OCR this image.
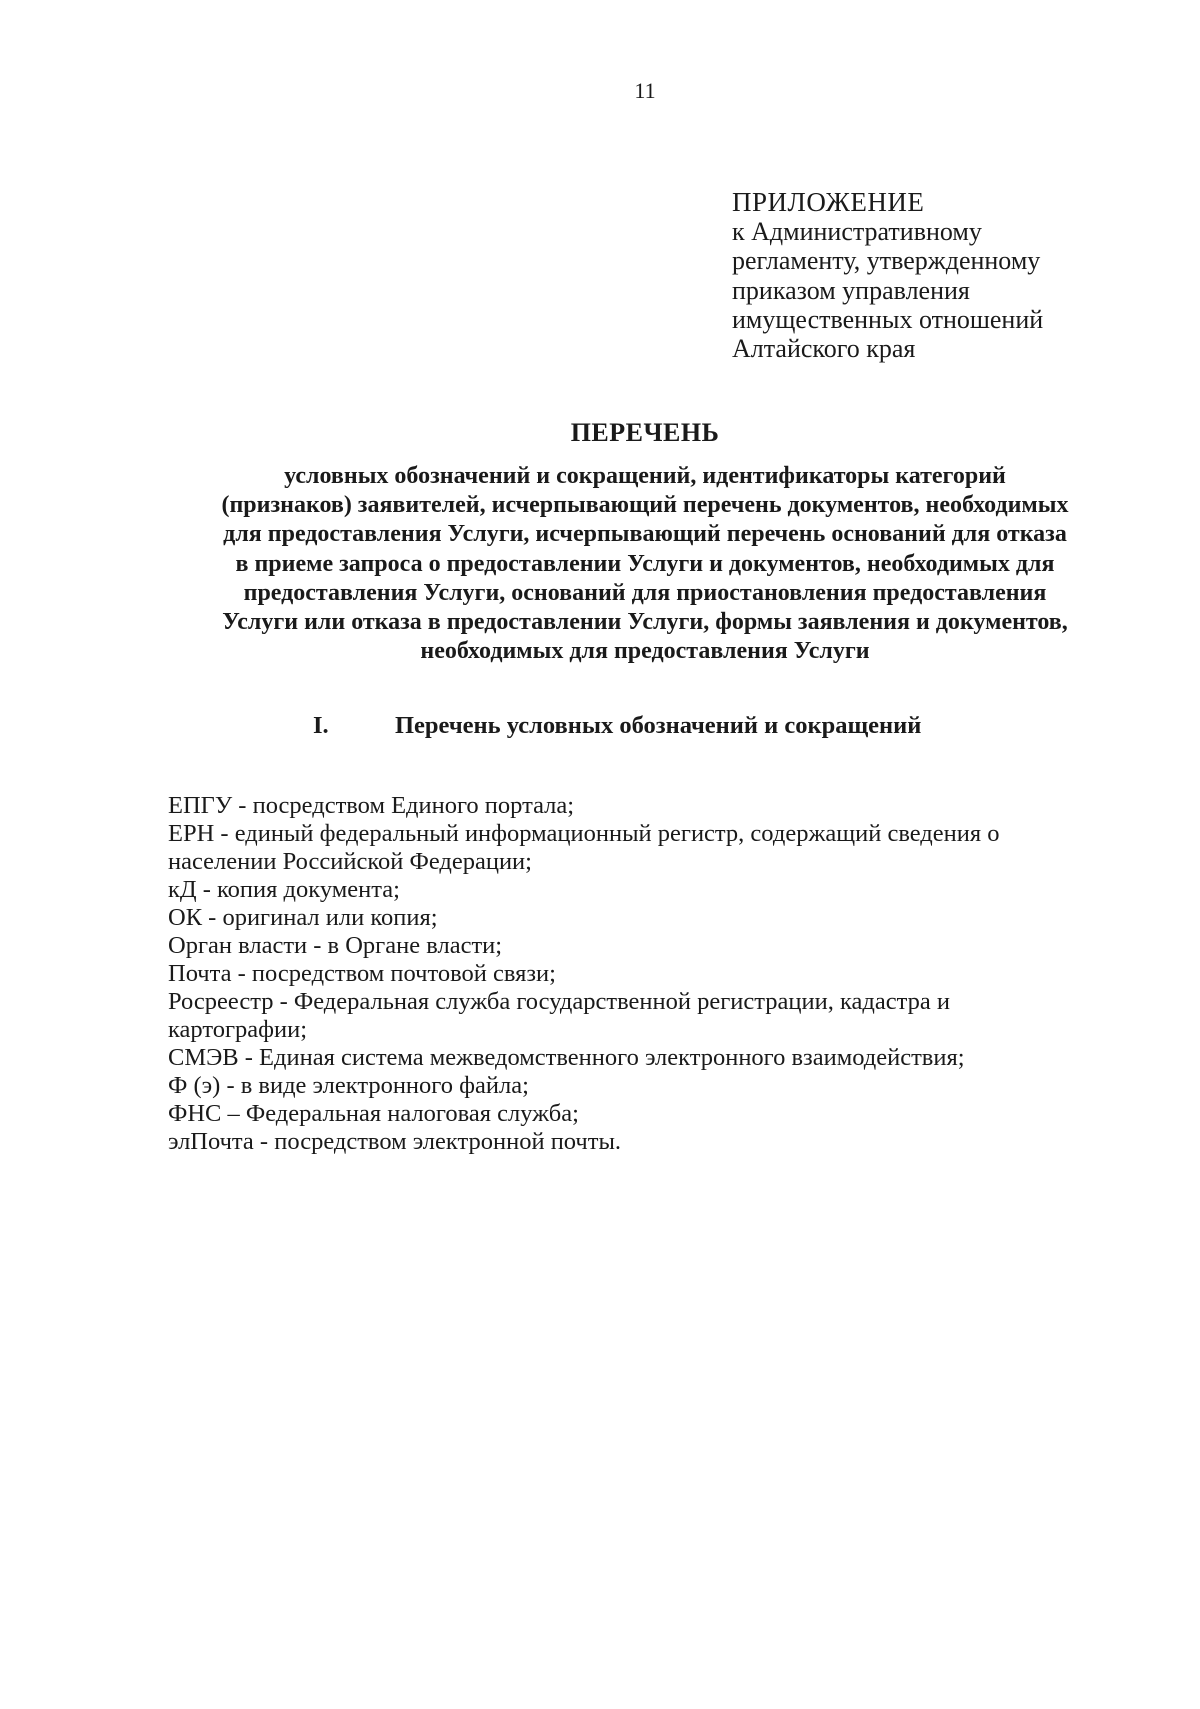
11
ПРИЛОЖЕНИЕ
к Административному
регламенту, утвержденному
приказом управления
имущественных отношений
Алтайского края
ПЕРЕЧЕНЬ
условных обозначений и сокращений, идентификаторы категорий
(признаков) заявителей, исчерпывающий перечень документов, необходимых
для предоставления Услуги, исчерпывающий перечень оснований для отказа
в приеме запроса о предоставлении Услуги и документов, необходимых для
предоставления Услуги, оснований для приостановления предоставления
Услуги или отказа в предоставлении Услуги, формы заявления и документов,
необходимых для предоставления Услуги
I.	Перечень условных обозначений и сокращений
ЕПГУ - посредством Единого портала;
ЕРН - единый федеральный информационный регистр, содержащий сведения о
населении Российской Федерации;
кД - копия документа;
ОК - оригинал или копия;
Орган власти - в Органе власти;
Почта - посредством почтовой связи;
Росреестр - Федеральная служба государственной регистрации, кадастра и
картографии;
СМЭВ - Единая система межведомственного электронного взаимодействия;
Ф (э) - в виде электронного файла;
ФНС – Федеральная налоговая служба;
элПочта - посредством электронной почты.
